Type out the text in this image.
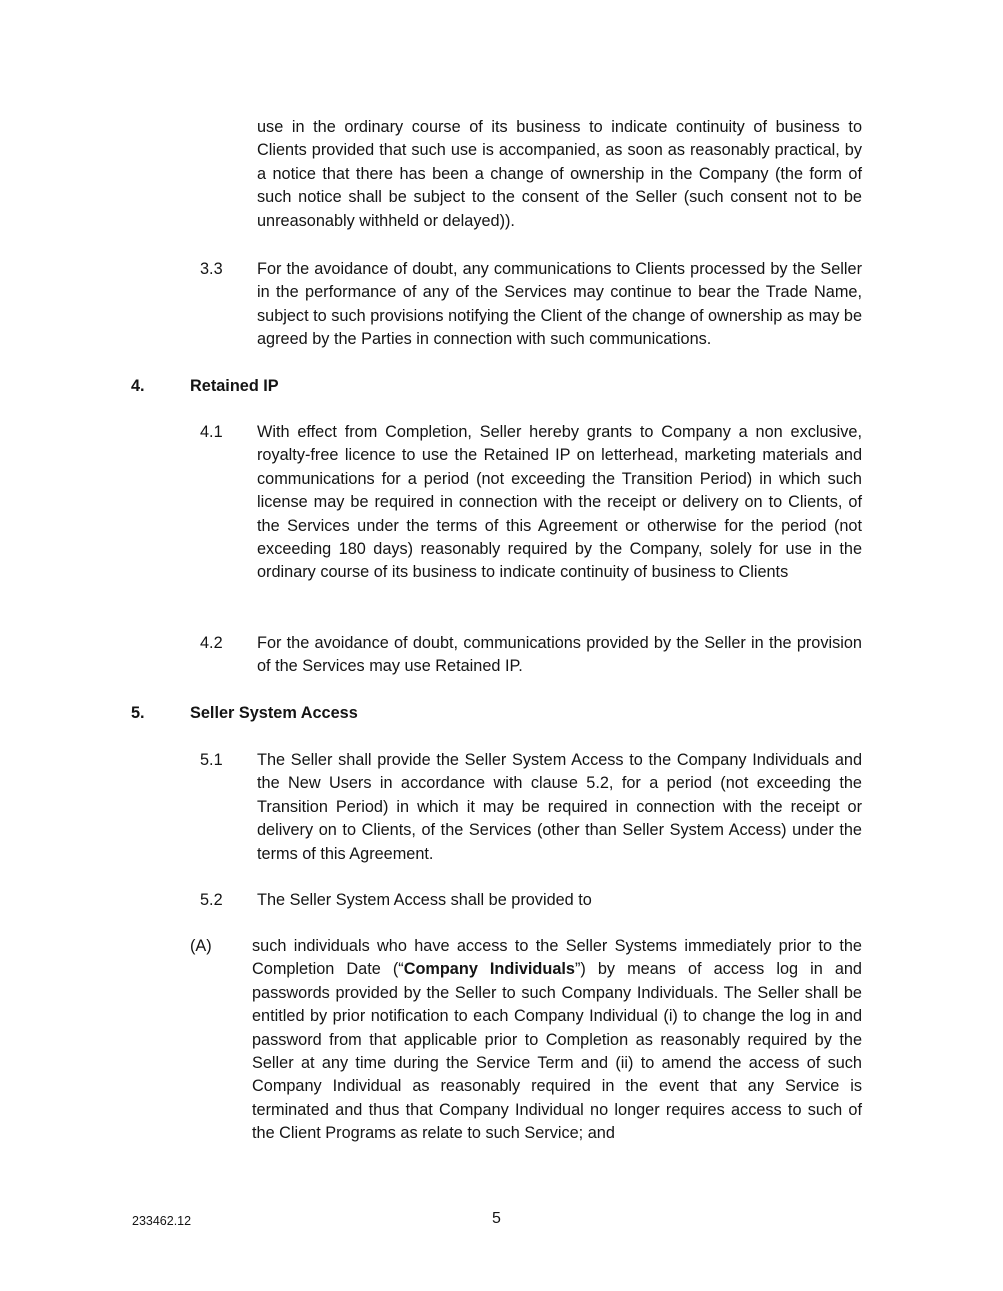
use in the ordinary course of its business to indicate continuity of business to Clients provided that such use is accompanied, as soon as reasonably practical, by a notice that there has been a change of ownership in the Company (the form of such notice shall be subject to the consent of the Seller (such consent not to be unreasonably withheld or delayed)).

3.3 For the avoidance of doubt, any communications to Clients processed by the Seller in the performance of any of the Services may continue to bear the Trade Name, subject to such provisions notifying the Client of the change of ownership as may be agreed by the Parties in connection with such communications.

4.	Retained IP
4.1 With effect from Completion, Seller hereby grants to Company a non exclusive, royalty-free licence to use the Retained IP on letterhead, marketing materials and communications for a period (not exceeding the Transition Period) in which such license may be required in connection with the receipt or delivery on to Clients, of the Services under the terms of this Agreement or otherwise for the period (not exceeding 180 days) reasonably required by the Company, solely for use in the ordinary course of its business to indicate continuity of business to Clients

4.2 For the avoidance of doubt, communications provided by the Seller in the provision of the Services may use Retained IP.

5.	Seller System Access
5.1 The Seller shall provide the Seller System Access to the Company Individuals and the New Users in accordance with clause 5.2, for a period (not exceeding the Transition Period) in which it may be required in connection with the receipt or delivery on to Clients, of the Services (other than Seller System Access) under the terms of this Agreement.

5.2 The Seller System Access shall be provided to

(A) such individuals who have access to the Seller Systems immediately prior to the Completion Date (“Company Individuals”) by means of access log in and passwords provided by the Seller to such Company Individuals. The Seller shall be entitled by prior notification to each Company Individual (i) to change the log in and password from that applicable prior to Completion as reasonably required by the Seller at any time during the Service Term and (ii) to amend the access of such Company Individual as reasonably required in the event that any Service is terminated and thus that Company Individual no longer requires access to such of the Client Programs as relate to such Service; and

233462.12	5
